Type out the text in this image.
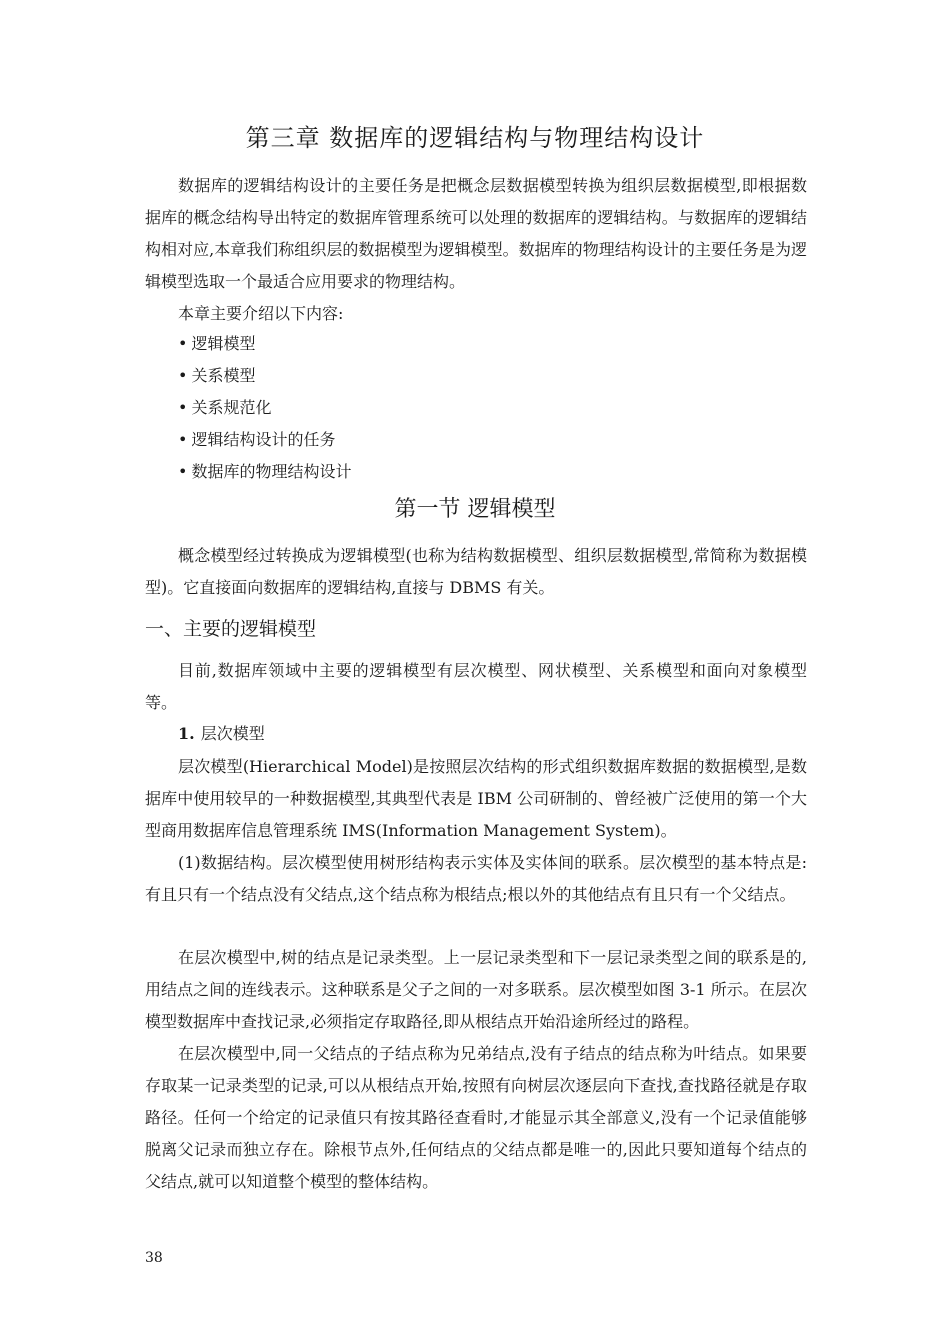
第三章 数据库的逻辑结构与物理结构设计

数据库的逻辑结构设计的主要任务是把概念层数据模型转换为组织层数据模型,即根据数据库的概念结构导出特定的数据库管理系统可以处理的数据库的逻辑结构。与数据库的逻辑结构相对应,本章我们称组织层的数据模型为逻辑模型。数据库的物理结构设计的主要任务是为逻辑模型选取一个最适合应用要求的物理结构。

本章主要介绍以下内容:

• 逻辑模型
• 关系模型
• 关系规范化
• 逻辑结构设计的任务
• 数据库的物理结构设计
第一节 逻辑模型

概念模型经过转换成为逻辑模型(也称为结构数据模型、组织层数据模型,常简称为数据模型)。它直接面向数据库的逻辑结构,直接与 DBMS 有关。

一、主要的逻辑模型

目前,数据库领域中主要的逻辑模型有层次模型、网状模型、关系模型和面向对象模型等。

1. 层次模型

层次模型(Hierarchical Model)是按照层次结构的形式组织数据库数据的数据模型,是数据库中使用较早的一种数据模型,其典型代表是 IBM 公司研制的、曾经被广泛使用的第一个大型商用数据库信息管理系统 IMS(Information Management System)。

(1)数据结构。层次模型使用树形结构表示实体及实体间的联系。层次模型的基本特点是:有且只有一个结点没有父结点,这个结点称为根结点;根以外的其他结点有且只有一个父结点。

在层次模型中,树的结点是记录类型。上一层记录类型和下一层记录类型之间的联系是的,用结点之间的连线表示。这种联系是父子之间的一对多联系。层次模型如图 3-1 所示。在层次模型数据库中查找记录,必须指定存取路径,即从根结点开始沿途所经过的路程。

在层次模型中,同一父结点的子结点称为兄弟结点,没有子结点的结点称为叶结点。如果要存取某一记录类型的记录,可以从根结点开始,按照有向树层次逐层向下查找,查找路径就是存取路径。任何一个给定的记录值只有按其路径查看时,才能显示其全部意义,没有一个记录值能够脱离父记录而独立存在。除根节点外,任何结点的父结点都是唯一的,因此只要知道每个结点的父结点,就可以知道整个模型的整体结构。

38
